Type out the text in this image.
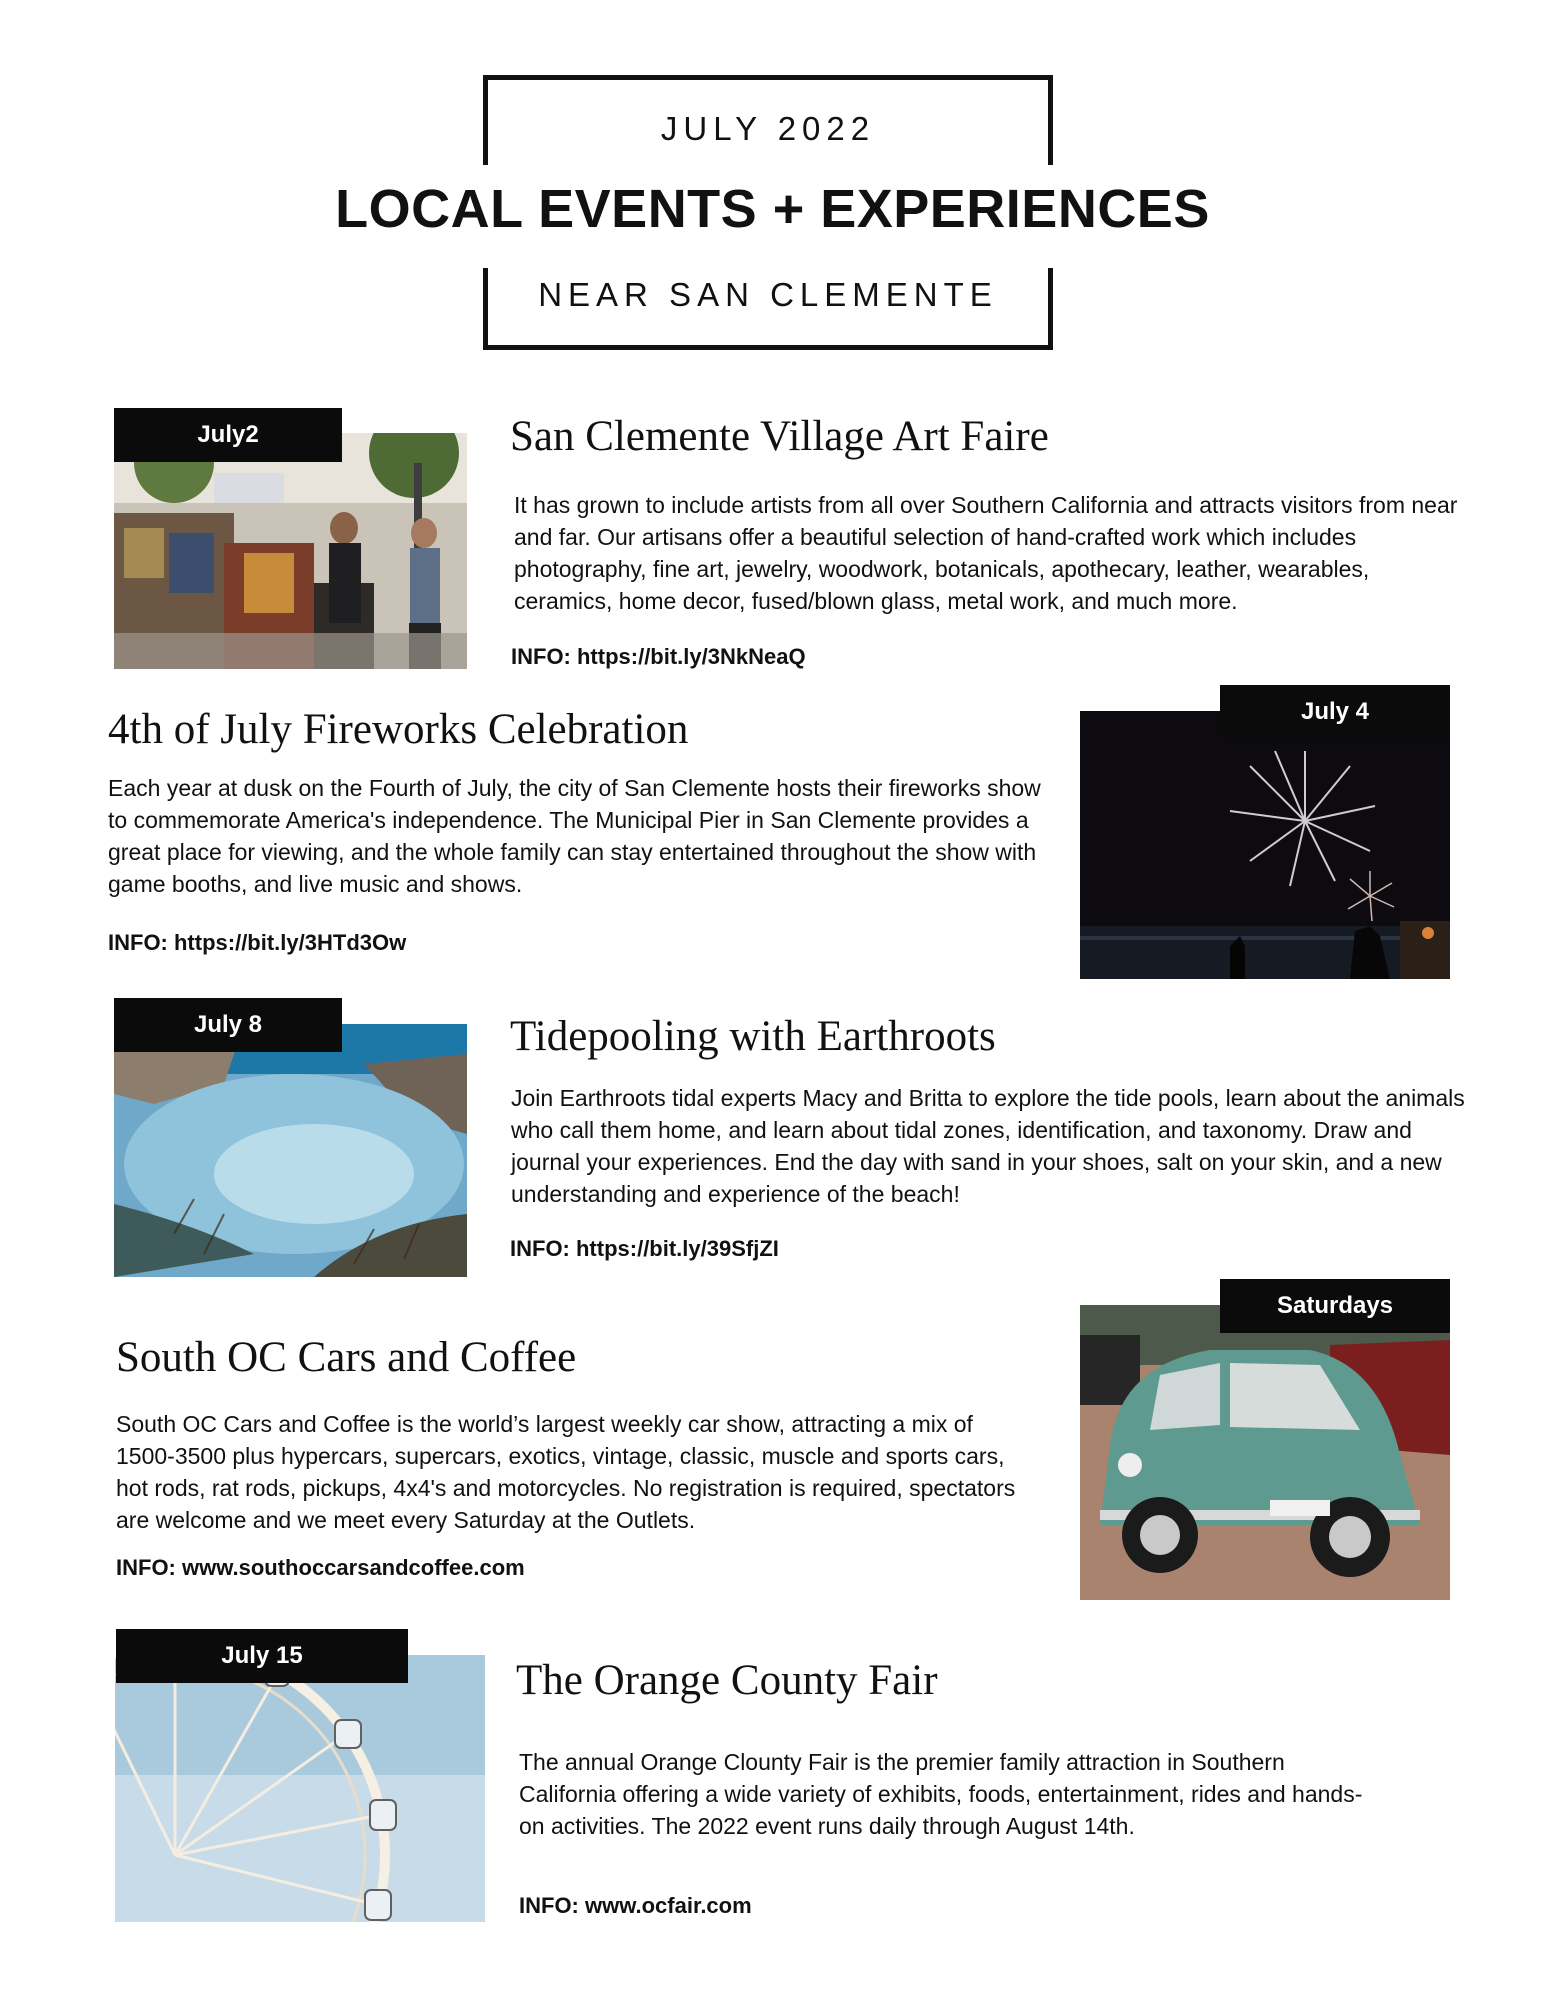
JULY 2022
LOCAL EVENTS + EXPERIENCES
NEAR SAN CLEMENTE
July2	San Clemente Village Art Faire
It has grown to include artists from all over Southern California and attracts visitors from near and far. Our artisans offer a beautiful selection of hand-crafted work which includes photography, fine art, jewelry, woodwork, botanicals, apothecary, leather, wearables, ceramics, home decor, fused/blown glass, metal work, and much more.
INFO: https://bit.ly/3NkNeaQ
4th of July Fireworks Celebration
Each year at dusk on the Fourth of July, the city of San Clemente hosts their fireworks show to commemorate America's independence. The Municipal Pier in San Clemente provides a great place for viewing, and the whole family can stay entertained throughout the show with game booths, and live music and shows.
INFO: https://bit.ly/3HTd3Ow
July 4
July 8	Tidepooling with Earthroots
Join Earthroots tidal experts Macy and Britta to explore the tide pools, learn about the animals who call them home, and learn about tidal zones, identification, and taxonomy. Draw and journal your experiences. End the day with sand in your shoes, salt on your skin, and a new understanding and experience of the beach!
INFO: https://bit.ly/39SfjZI
South OC Cars and Coffee
South OC Cars and Coffee is the world’s largest weekly car show, attracting a mix of 1500-3500 plus hypercars, supercars, exotics, vintage, classic, muscle and sports cars, hot rods, rat rods, pickups, 4x4's and motorcycles. No registration is required, spectators are welcome and we meet every Saturday at the Outlets.
INFO: www.southoccarsandcoffee.com
Saturdays
July 15
The Orange County Fair
The annual Orange Clounty Fair is the premier family attraction in Southern California offering a wide variety of exhibits, foods, entertainment, rides and hands-on activities. The 2022 event runs daily through August 14th.
INFO: www.ocfair.com
